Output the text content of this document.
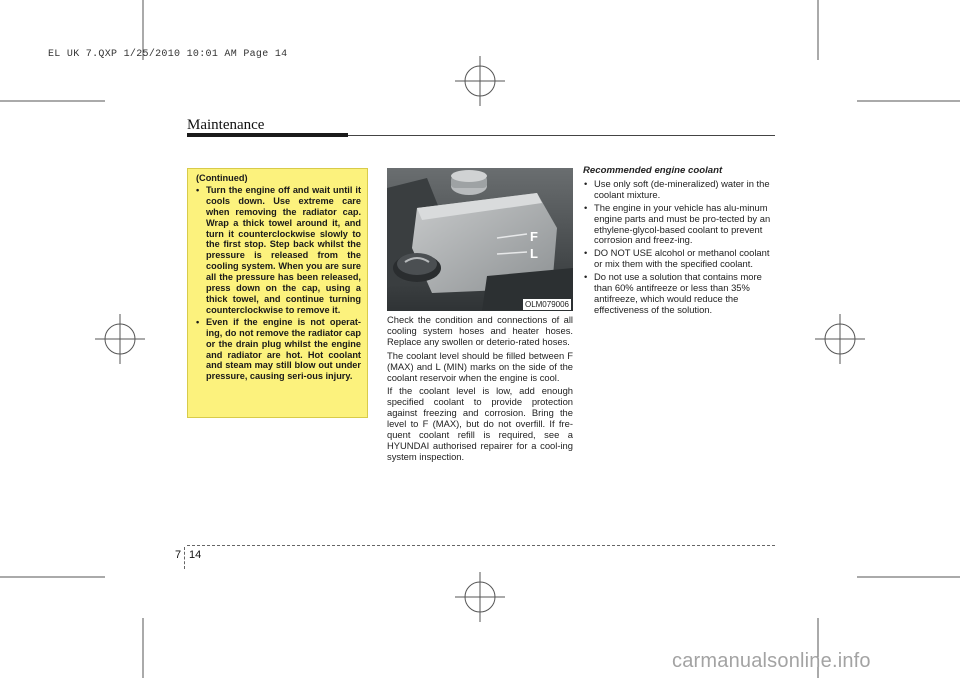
EL UK 7.QXP 1/25/2010 10:01 AM Page 14
Maintenance
(Continued)
• Turn the engine off and wait until it cools down. Use extreme care when removing the radiator cap. Wrap a thick towel around it, and turn it counterclockwise slowly to the first stop. Step back whilst the pressure is released from the cooling system. When you are sure all the pressure has been released, press down on the cap, using a thick towel, and continue turning counterclockwise to remove it.
• Even if the engine is not operat-ing, do not remove the radiator cap or the drain plug whilst the engine and radiator are hot. Hot coolant and steam may still blow out under pressure, causing seri-ous injury.
F
L
OLM079006

Check the condition and connections of all cooling system hoses and heater hoses. Replace any swollen or deterio-rated hoses.

The coolant level should be filled between F (MAX) and L (MIN) marks on the side of the coolant reservoir when the engine is cool.

If the coolant level is low, add enough specified coolant to provide protection against freezing and corrosion. Bring the level to F (MAX), but do not overfill. If fre-quent coolant refill is required, see a HYUNDAI authorised repairer for a cool-ing system inspection.

Recommended engine coolant
• Use only soft (de-mineralized) water in the coolant mixture.
• The engine in your vehicle has alu-minum engine parts and must be pro-tected by an ethylene-glycol-based coolant to prevent corrosion and freez-ing.
• DO NOT USE alcohol or methanol coolant or mix them with the specified coolant.
• Do not use a solution that contains more than 60% antifreeze or less than 35% antifreeze, which would reduce the effectiveness of the solution.
7 14
carmanualsonline.info
